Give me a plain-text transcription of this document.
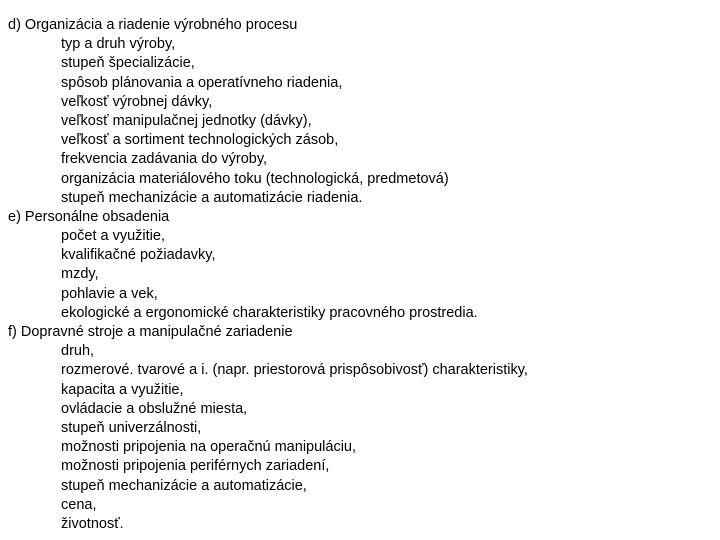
d) Organizácia a riadenie výrobného procesu
typ a druh výroby,
stupeň špecializácie,
spôsob plánovania a operatívneho riadenia,
veľkosť výrobnej dávky,
veľkosť manipulačnej jednotky (dávky),
veľkosť a sortiment technologických zásob,
frekvencia zadávania do výroby,
organizácia materiálového toku (technologická, predmetová)
stupeň mechanizácie a automatizácie riadenia.
e) Personálne obsadenia
počet a využitie,
kvalifikačné požiadavky,
mzdy,
pohlavie a vek,
ekologické a ergonomické charakteristiky pracovného prostredia.
f) Dopravné stroje a manipulačné zariadenie
druh,
rozmerové. tvarové a i. (napr. priestorová prispôsobivosť) charakteristiky,
kapacita a využitie,
ovládacie a obslužné miesta,
stupeň univerzálnosti,
možnosti pripojenia na operačnú manipuláciu,
možnosti pripojenia periférnych zariadení,
stupeň mechanizácie a automatizácie,
cena,
životnosť.
